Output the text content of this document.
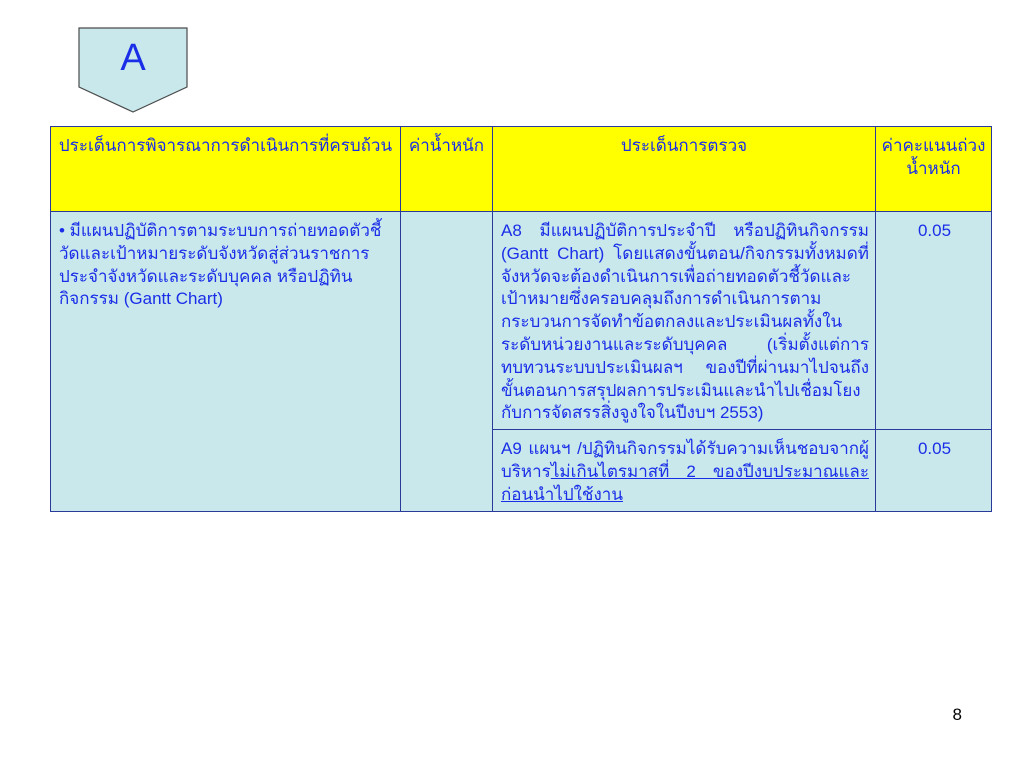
A
ประเด็นการพิจารณาการดำเนินการที่ครบถ้วน	ค่าน้ำหนัก	ประเด็นการตรวจ	ค่าคะแนนถ่วงน้ำหนัก
• มีแผนปฏิบัติการตามระบบการถ่ายทอดตัวชี้วัดและเป้าหมายระดับจังหวัดสู่ส่วนราชการประจำจังหวัดและระดับบุคคล หรือปฏิทินกิจกรรม (Gantt Chart)		A8 มีแผนปฏิบัติการประจำปี หรือปฏิทินกิจกรรม (Gantt Chart) โดยแสดงขั้นตอน/กิจกรรมทั้งหมดที่จังหวัดจะต้องดำเนินการเพื่อถ่ายทอดตัวชี้วัดและเป้าหมายซึ่งครอบคลุมถึงการดำเนินการตามกระบวนการจัดทำข้อตกลงและประเมินผลทั้งในระดับหน่วยงานและระดับบุคคล (เริ่มตั้งแต่การทบทวนระบบประเมินผลฯ ของปีที่ผ่านมาไปจนถึงขั้นตอนการสรุปผลการประเมินและนำไปเชื่อมโยงกับการจัดสรรสิ่งจูงใจในปีงบฯ 2553)	0.05
		A9 แผนฯ /ปฏิทินกิจกรรมได้รับความเห็นชอบจากผู้บริหารไม่เกินไตรมาสที่ 2 ของปีงบประมาณและก่อนนำไปใช้งาน	0.05
8
